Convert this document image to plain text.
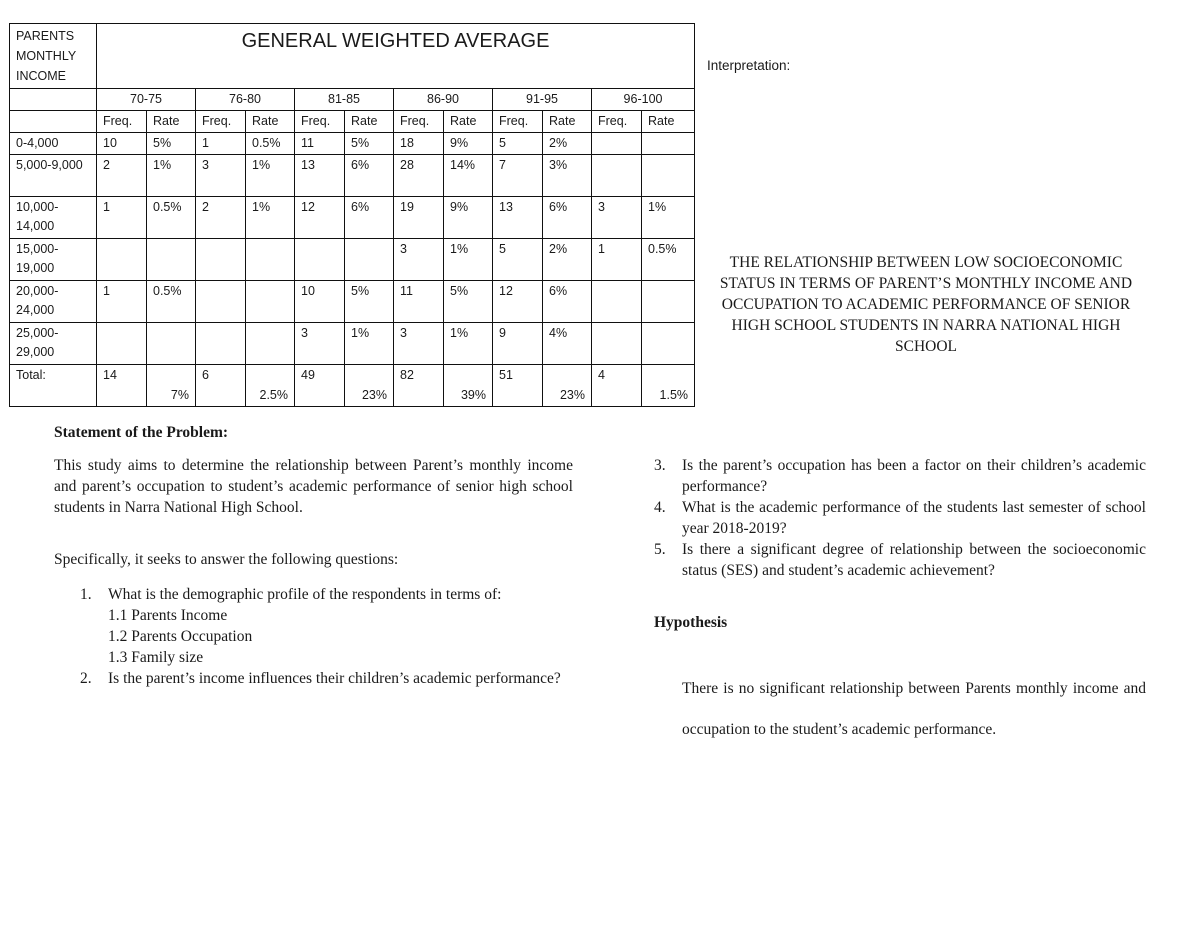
PARENTS MONTHLY INCOME	GENERAL WEIGHTED AVERAGE											
	70-75		76-80		81-85		86-90		91-95		96-100	
	Freq.	Rate	Freq.	Rate	Freq.	Rate	Freq.	Rate	Freq.	Rate	Freq.	Rate
0-4,000	10	5%	1	0.5%	11	5%	18	9%	5	2%		
5,000-9,000	2	1%	3	1%	13	6%	28	14%	7	3%		
10,000-14,000	1	0.5%	2	1%	12	6%	19	9%	13	6%	3	1%
15,000-19,000							3	1%	5	2%	1	0.5%
20,000-24,000	1	0.5%			10	5%	11	5%	12	6%		
25,000-29,000					3	1%	3	1%	9	4%		
Total:	14	7%	6	2.5%	49	23%	82	39%	51	23%	4	1.5%
Interpretation:
THE RELATIONSHIP BETWEEN LOW SOCIOECONOMIC STATUS IN TERMS OF PARENT’S MONTHLY INCOME AND OCCUPATION TO ACADEMIC PERFORMANCE OF SENIOR HIGH SCHOOL STUDENTS IN NARRA NATIONAL HIGH SCHOOL
Statement of the Problem:

This study aims to determine the relationship between Parent’s monthly income and parent’s occupation to student’s academic performance of senior high school students in Narra National High School.

Specifically, it seeks to answer the following questions:

1. What is the demographic profile of the respondents in terms of:
1.1 Parents Income
1.2 Parents Occupation
1.3 Family size
2. Is the parent’s income influences their children’s academic performance?
3. Is the parent’s occupation has been a factor on their children’s academic performance?
4. What is the academic performance of the students last semester of school year 2018-2019?
5. Is there a significant degree of relationship between the socioeconomic status (SES) and student’s academic achievement?
Hypothesis

There is no significant relationship between Parents monthly income and occupation to the student’s academic performance.
